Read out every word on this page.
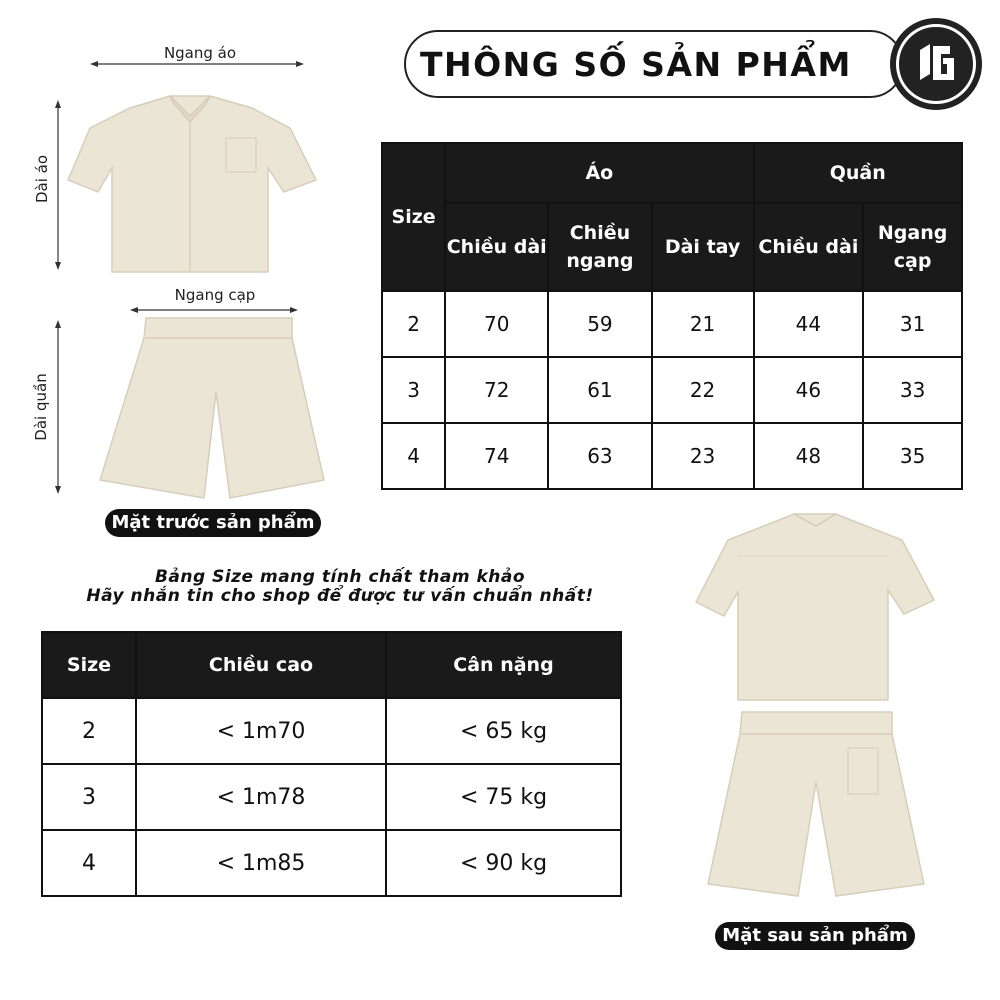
THÔNG SỐ SẢN PHẨM
Ngang áo
Dài áo
Ngang cạp
Dài quần
Mặt trước sản phẩm
Size	Áo			Quần	
	Chiều dài	Chiều ngang	Dài tay	Chiều dài	Ngang cạp
2	70	59	21	44	31
3	72	61	22	46	33
4	74	63	23	48	35
Bảng Size mang tính chất tham khảo
Hãy nhắn tin cho shop để được tư vấn chuẩn nhất!
Size	Chiều cao	Cân nặng
2	< 1m70	< 65 kg
3	< 1m78	< 75 kg
4	< 1m85	< 90 kg
Mặt sau sản phẩm
